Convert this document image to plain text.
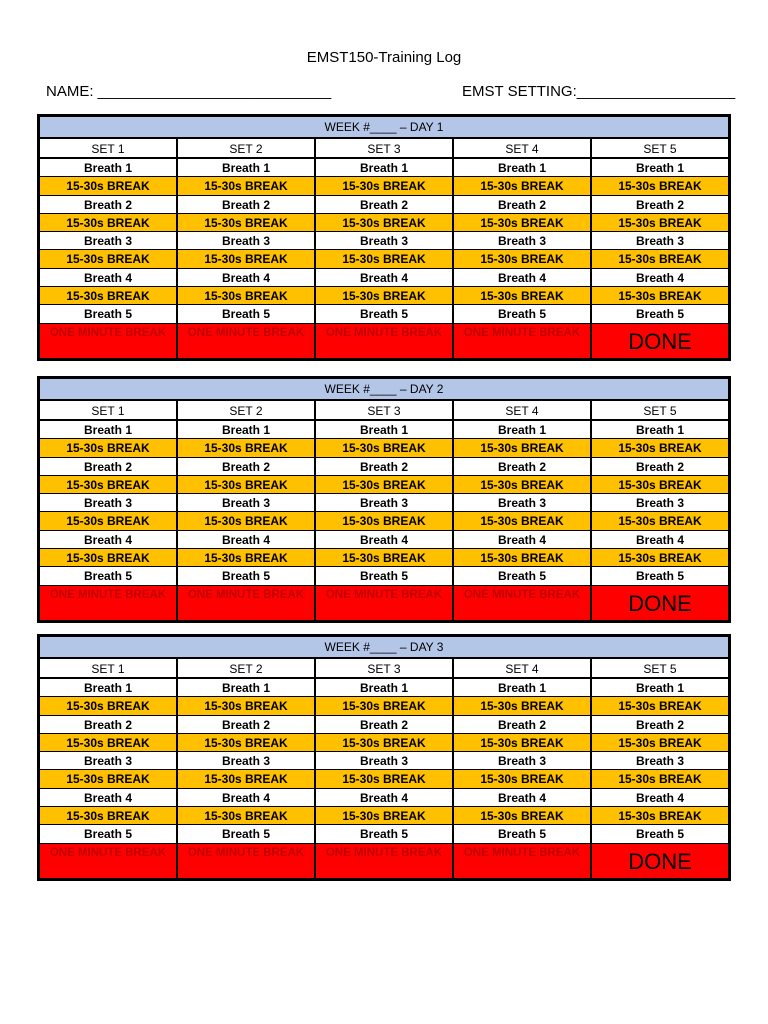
EMST150-Training Log
NAME: ____________________________	EMST SETTING:___________________
WEEK #____ – DAY 1
SET 1
Breath 1
15-30s BREAK
Breath 2
15-30s BREAK
Breath 3
15-30s BREAK
Breath 4
15-30s BREAK
Breath 5
ONE MINUTE BREAK
SET 2
Breath 1
15-30s BREAK
Breath 2
15-30s BREAK
Breath 3
15-30s BREAK
Breath 4
15-30s BREAK
Breath 5
ONE MINUTE BREAK
SET 3
Breath 1
15-30s BREAK
Breath 2
15-30s BREAK
Breath 3
15-30s BREAK
Breath 4
15-30s BREAK
Breath 5
ONE MINUTE BREAK
SET 4
Breath 1
15-30s BREAK
Breath 2
15-30s BREAK
Breath 3
15-30s BREAK
Breath 4
15-30s BREAK
Breath 5
ONE MINUTE BREAK
SET 5
Breath 1
15-30s BREAK
Breath 2
15-30s BREAK
Breath 3
15-30s BREAK
Breath 4
15-30s BREAK
Breath 5
DONE
WEEK #____ – DAY 2
SET 1
Breath 1
15-30s BREAK
Breath 2
15-30s BREAK
Breath 3
15-30s BREAK
Breath 4
15-30s BREAK
Breath 5
ONE MINUTE BREAK
SET 2
Breath 1
15-30s BREAK
Breath 2
15-30s BREAK
Breath 3
15-30s BREAK
Breath 4
15-30s BREAK
Breath 5
ONE MINUTE BREAK
SET 3
Breath 1
15-30s BREAK
Breath 2
15-30s BREAK
Breath 3
15-30s BREAK
Breath 4
15-30s BREAK
Breath 5
ONE MINUTE BREAK
SET 4
Breath 1
15-30s BREAK
Breath 2
15-30s BREAK
Breath 3
15-30s BREAK
Breath 4
15-30s BREAK
Breath 5
ONE MINUTE BREAK
SET 5
Breath 1
15-30s BREAK
Breath 2
15-30s BREAK
Breath 3
15-30s BREAK
Breath 4
15-30s BREAK
Breath 5
DONE
WEEK #____ – DAY 3
SET 1
Breath 1
15-30s BREAK
Breath 2
15-30s BREAK
Breath 3
15-30s BREAK
Breath 4
15-30s BREAK
Breath 5
ONE MINUTE BREAK
SET 2
Breath 1
15-30s BREAK
Breath 2
15-30s BREAK
Breath 3
15-30s BREAK
Breath 4
15-30s BREAK
Breath 5
ONE MINUTE BREAK
SET 3
Breath 1
15-30s BREAK
Breath 2
15-30s BREAK
Breath 3
15-30s BREAK
Breath 4
15-30s BREAK
Breath 5
ONE MINUTE BREAK
SET 4
Breath 1
15-30s BREAK
Breath 2
15-30s BREAK
Breath 3
15-30s BREAK
Breath 4
15-30s BREAK
Breath 5
ONE MINUTE BREAK
SET 5
Breath 1
15-30s BREAK
Breath 2
15-30s BREAK
Breath 3
15-30s BREAK
Breath 4
15-30s BREAK
Breath 5
DONE
